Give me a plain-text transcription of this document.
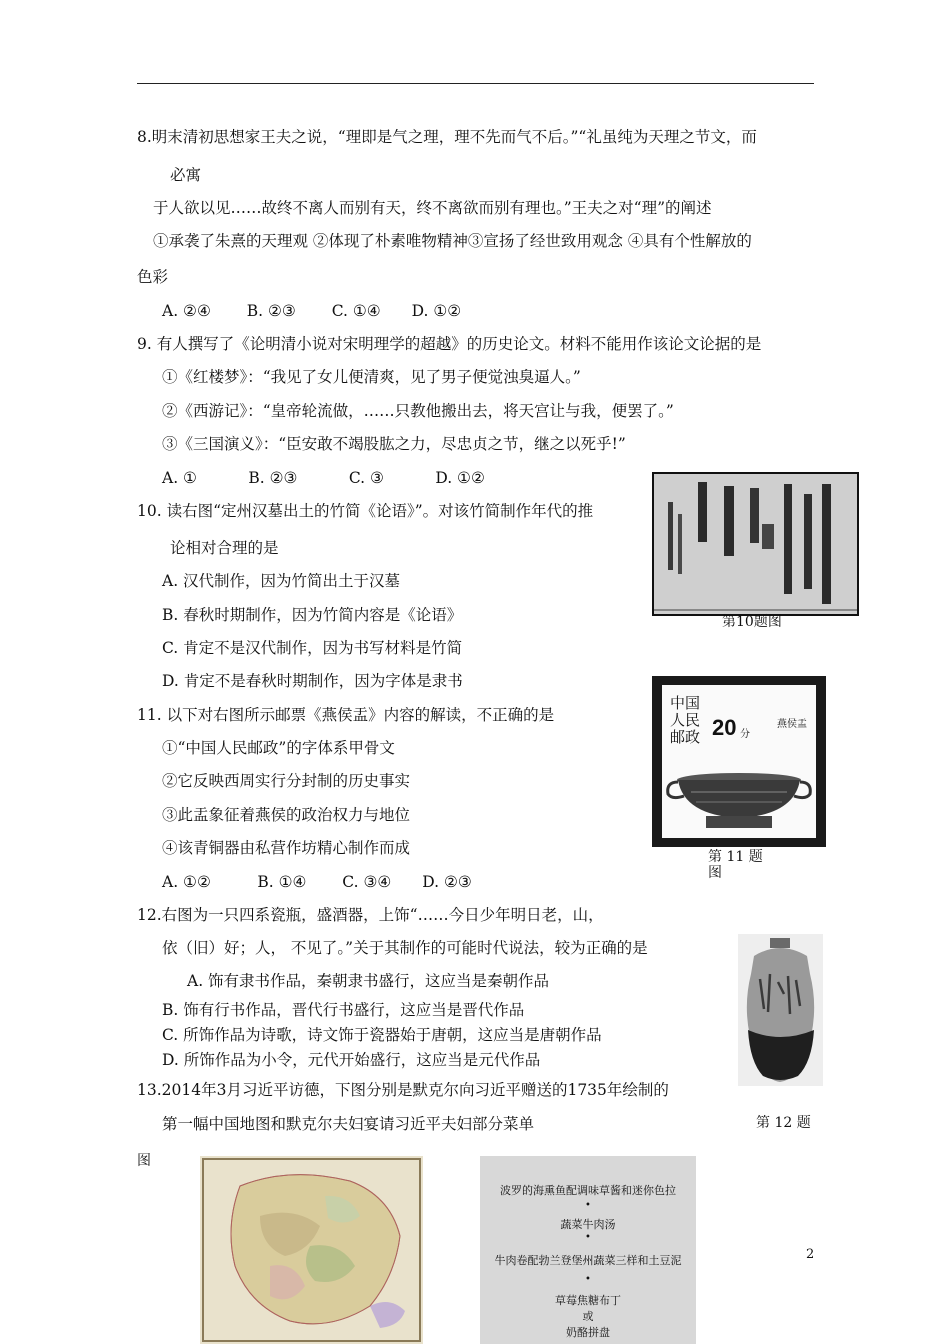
8.明末清初思想家王夫之说，“理即是气之理，理不先而气不后。”“礼虽纯为天理之节文，而
必寓
于人欲以见……故终不离人而别有天，终不离欲而别有理也。”王夫之对“理”的阐述
①承袭了朱熹的天理观 ②体现了朴素唯物精神③宣扬了经世致用观念 ④具有个性解放的
色彩
A. ②④　　 B. ②③　　 C. ①④　　D. ①②
9. 有人撰写了《论明清小说对宋明理学的超越》的历史论文。材料不能用作该论文论据的是
①《红楼梦》：“我见了女儿便清爽，见了男子便觉浊臭逼人。”
②《西游记》：“皇帝轮流做，……只教他搬出去，将天宫让与我，便罢了。”
③《三国演义》：“臣安敢不竭股肱之力，尽忠贞之节，继之以死乎!”
A. ①　　　 B. ②③　　　 C. ③　　　 D. ①②
10. 读右图“定州汉墓出土的竹简《论语》”。对该竹简制作年代的推
论相对合理的是
A. 汉代制作，因为竹简出土于汉墓
B. 春秋时期制作，因为竹简内容是《论语》
C. 肯定不是汉代制作，因为书写材料是竹简
D. 肯定不是春秋时期制作，因为字体是隶书
第10题图
11. 以下对右图所示邮票《燕侯盂》内容的解读，不正确的是
①“中国人民邮政”的字体系甲骨文
②它反映西周实行分封制的历史事实
③此盂象征着燕侯的政治权力与地位
④该青铜器由私营作坊精心制作而成
A. ①②　　　B. ①④　　 C. ③④　　D. ②③
中国人民邮政 20 分
燕侯盂
第 11 题
图
12.右图为一只四系瓷瓶，盛酒器，上饰“……今日少年明日老，山，
依（旧）好；人， 不见了。”关于其制作的可能时代说法，较为正确的是
A. 饰有隶书作品，秦朝隶书盛行，这应当是秦朝作品
B. 饰有行书作品，晋代行书盛行，这应当是晋代作品
C. 所饰作品为诗歌，诗文饰于瓷器始于唐朝，这应当是唐朝作品
D. 所饰作品为小令，元代开始盛行，这应当是元代作品
第 12 题
图
13.2014年3月习近平访德，下图分别是默克尔向习近平赠送的1735年绘制的
第一幅中国地图和默克尔夫妇宴请习近平夫妇部分菜单
波罗的海熏鱼配调味草酱和迷你色拉
•
蔬菜牛肉汤
•
牛肉卷配勃兰登堡州蔬菜三样和土豆泥
•
草莓焦糖布丁
或
奶酪拼盘
2
